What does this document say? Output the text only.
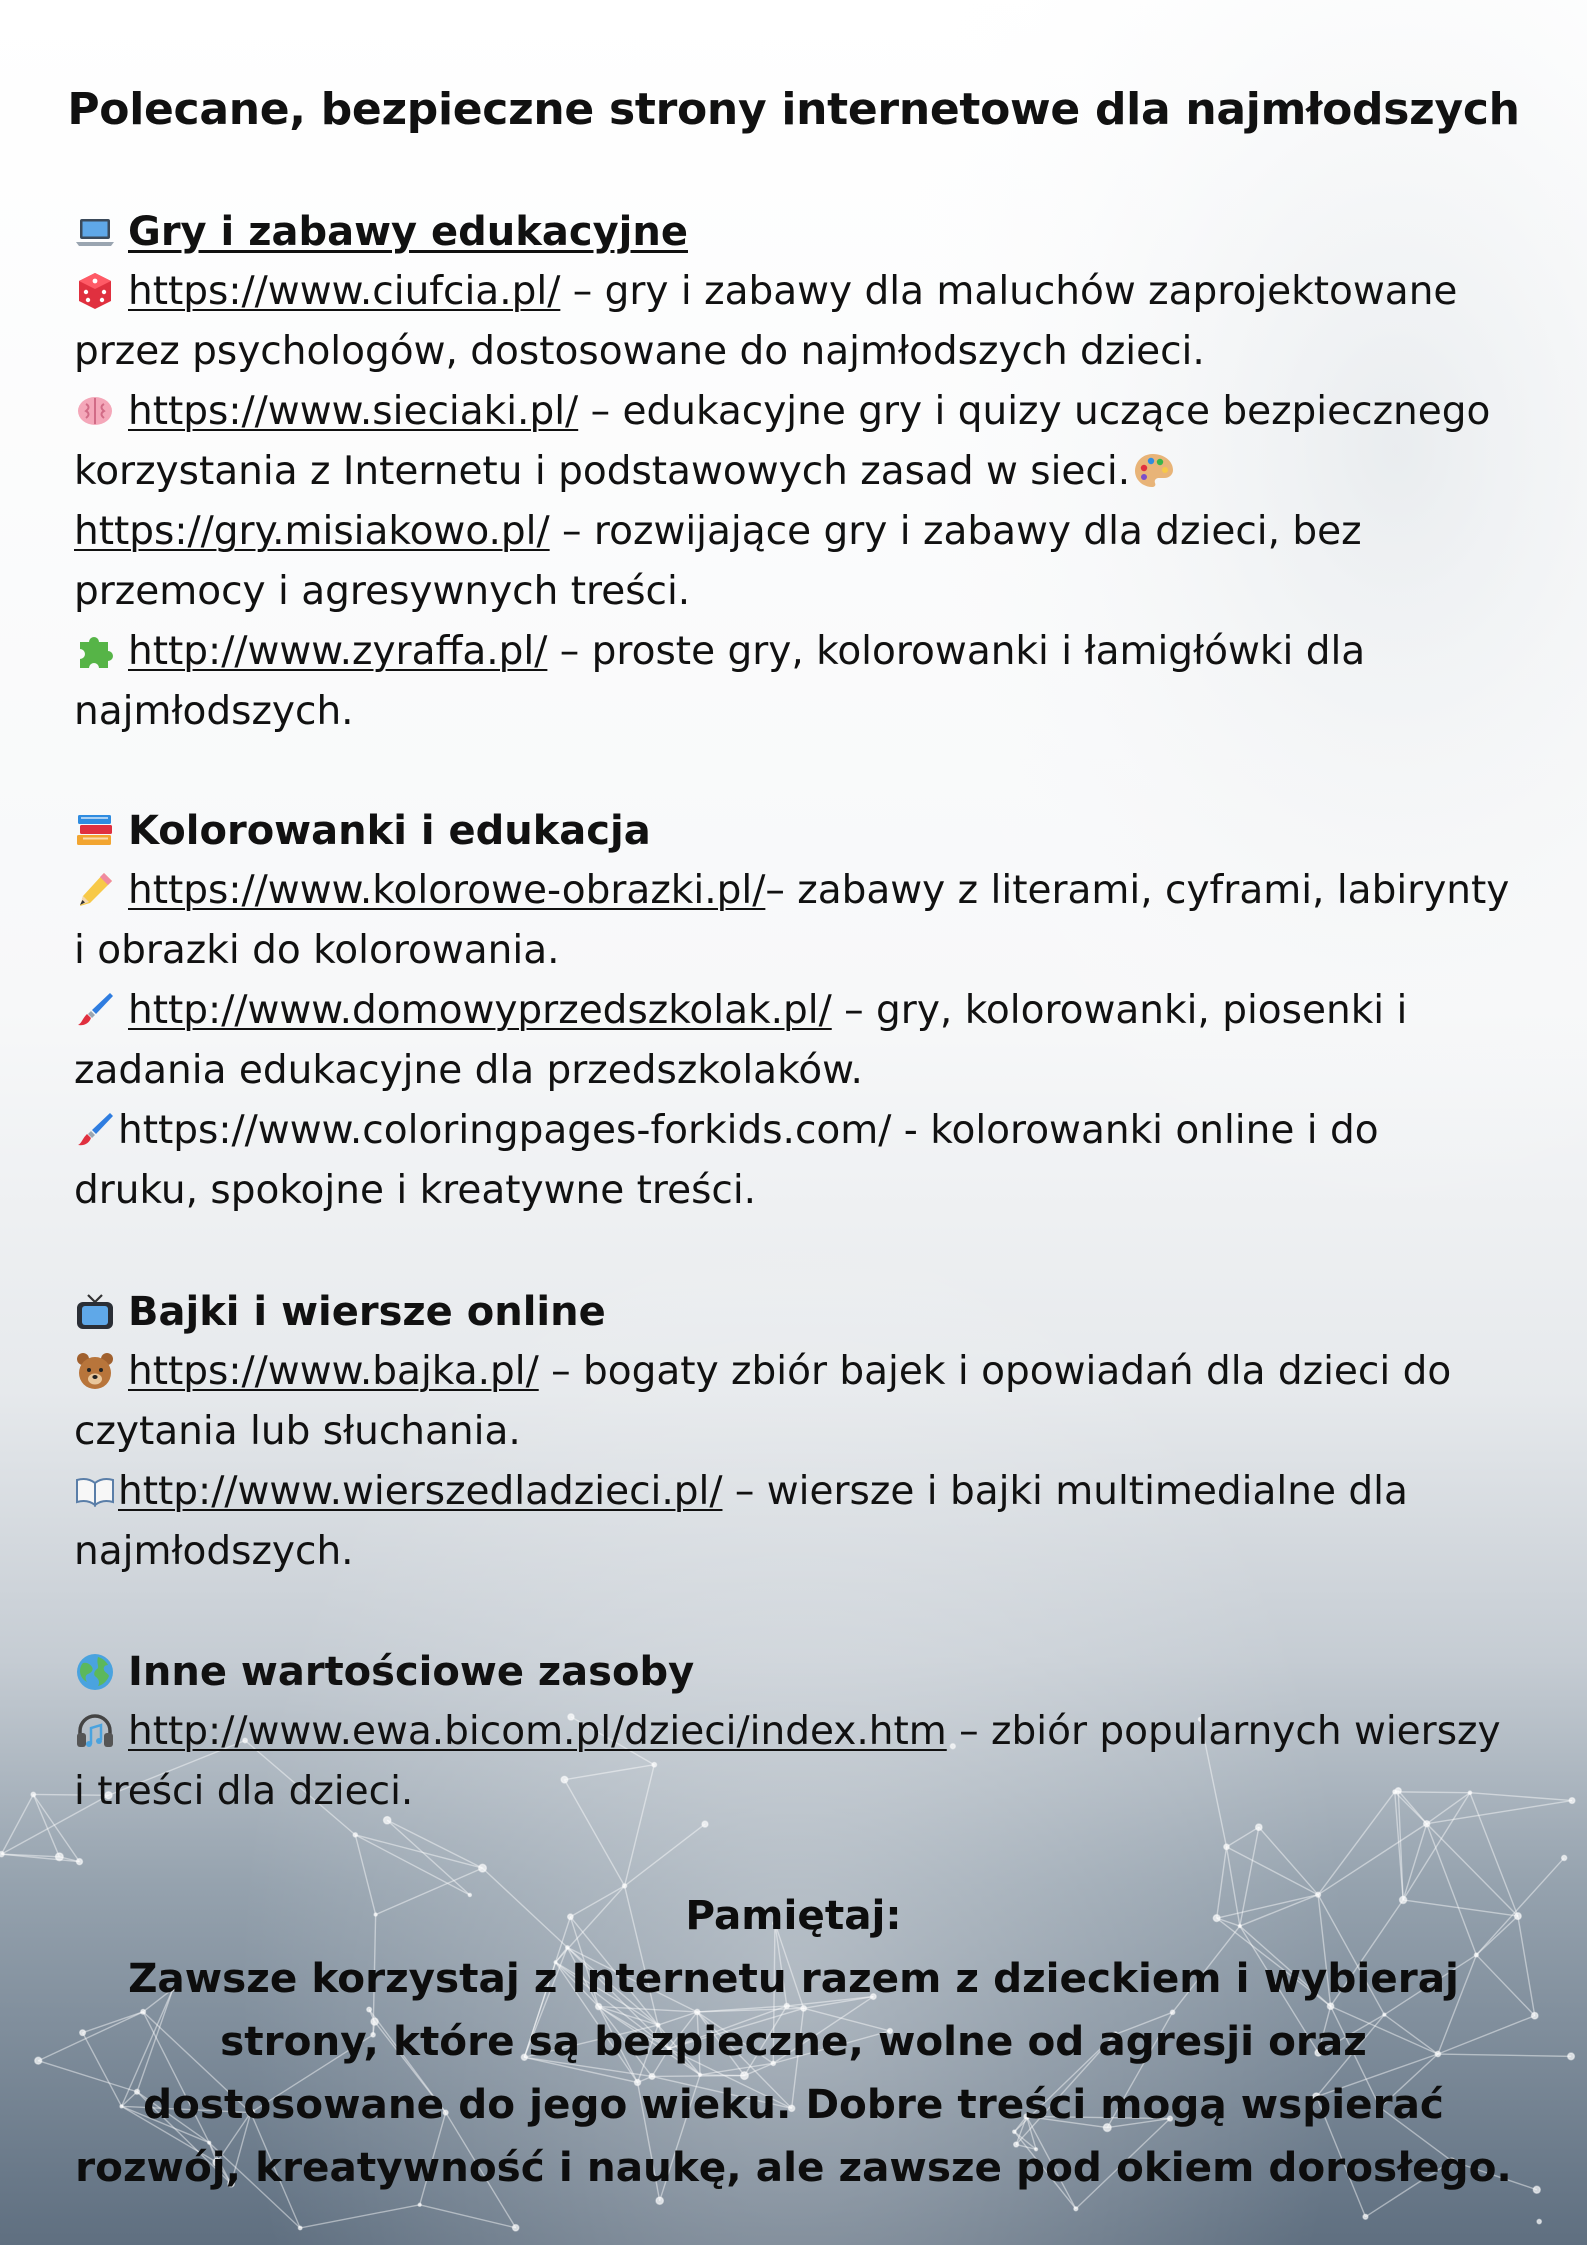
Polecane, bezpieczne strony internetowe dla najmłodszych
Gry i zabawy edukacyjne
https://www.ciufcia.pl/ – gry i zabawy dla maluchów zaprojektowane przez psychologów, dostosowane do najmłodszych dzieci.
https://www.sieciaki.pl/ – edukacyjne gry i quizy uczące bezpiecznego korzystania z Internetu i podstawowych zasad w sieci.
https://gry.misiakowo.pl/ – rozwijające gry i zabawy dla dzieci, bez przemocy i agresywnych treści.
http://www.zyraffa.pl/ – proste gry, kolorowanki i łamigłówki dla najmłodszych.
Kolorowanki i edukacja
https://www.kolorowe-obrazki.pl/– zabawy z literami, cyframi, labirynty i obrazki do kolorowania.
http://www.domowyprzedszkolak.pl/ – gry, kolorowanki, piosenki i zadania edukacyjne dla przedszkolaków.
https://www.coloringpages-forkids.com/ - kolorowanki online i do druku, spokojne i kreatywne treści.
Bajki i wiersze online
https://www.bajka.pl/ – bogaty zbiór bajek i opowiadań dla dzieci do czytania lub słuchania.
http://www.wierszedladzieci.pl/ – wiersze i bajki multimedialne dla najmłodszych.
Inne wartościowe zasoby
http://www.ewa.bicom.pl/dzieci/index.htm – zbiór popularnych wierszy i treści dla dzieci.
Pamiętaj:
Zawsze korzystaj z Internetu razem z dzieckiem i wybieraj
strony, które są bezpieczne, wolne od agresji oraz
dostosowane do jego wieku. Dobre treści mogą wspierać
rozwój, kreatywność i naukę, ale zawsze pod okiem dorosłego.
